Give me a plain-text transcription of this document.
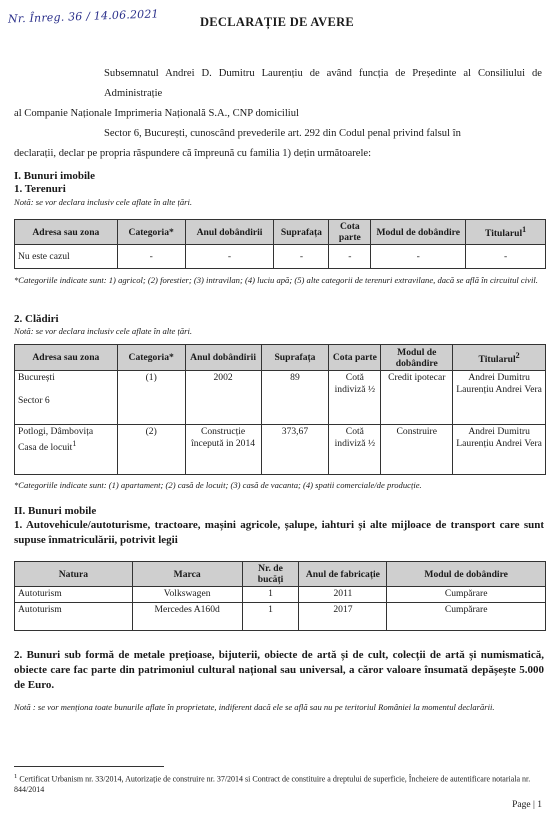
Nr. Înreg. 36 / 14.06.2021	DECLARAȚIE DE AVERE
Subsemnatul Andrei D. Dumitru Laurențiu de având funcția de Președinte al Consiliului de Administrație
al Companie Naționale Imprimeria Națională S.A., CNP domiciliul
Sector 6, București, cunoscând prevederile art. 292 din Codul penal privind falsul în
declarații, declar pe propria răspundere că împreună cu familia 1) dețin următoarele:
I. Bunuri imobile
1. Terenuri
Notă: se vor declara inclusiv cele aflate în alte țări.
Adresa sau zona	Categoria*	Anul dobândirii	Suprafața	Cota parte	Modul de dobândire	Titularul$^1$
Nu este cazul	-	-	-	-	-	-
*Categoriile indicate sunt: 1) agricol; (2) forestier; (3) intravilan; (4) luciu apă; (5) alte categorii de terenuri extravilane, dacă se află în circuitul civil.
2. Clădiri
Notă: se vor declara inclusiv cele aflate în alte țări.
Adresa sau zona	Categoria*	Anul dobândirii	Suprafața	Cota parte	Modul de dobândire	Titularul$^2$
București

Sector 6	(1)	2002	89	Cotă indiviză ½	Credit ipotecar	Andrei Dumitru Laurențiu Andrei Vera
Potlogi, Dâmbovița
Casa de locuit$^1$	(2)	Construcție începută in 2014	373,67	Cotă indiviză ½	Construire	Andrei Dumitru Laurențiu Andrei Vera
*Categoriile indicate sunt: (1) apartament; (2) casă de locuit; (3) casă de vacanta; (4) spatii comerciale/de producție.
II. Bunuri mobile
1. Autovehicule/autoturisme, tractoare, mașini agricole, șalupe, iahturi și alte mijloace de transport care sunt supuse înmatriculării, potrivit legii
Natura	Marca	Nr. de bucăți	Anul de fabricație	Modul de dobândire
Autoturism	Volkswagen	1	2011	Cumpărare
Autoturism	Mercedes A160d	1	2017	Cumpărare
2. Bunuri sub formă de metale prețioase, bijuterii, obiecte de artă și de cult, colecții de artă și numismatică, obiecte care fac parte din patrimoniul cultural național sau universal, a căror valoare însumată depășește 5.000 de Euro.
Notă : se vor menționa toate bunurile aflate în proprietate, indiferent dacă ele se află sau nu pe teritoriul României la momentul declarării.
$^1$ Certificat Urbanism nr. 33/2014, Autorizație de construire nr. 37/2014 si Contract de constituire a dreptului de superficie, Încheiere de autentificare notariala nr. 844/2014
Page | 1
